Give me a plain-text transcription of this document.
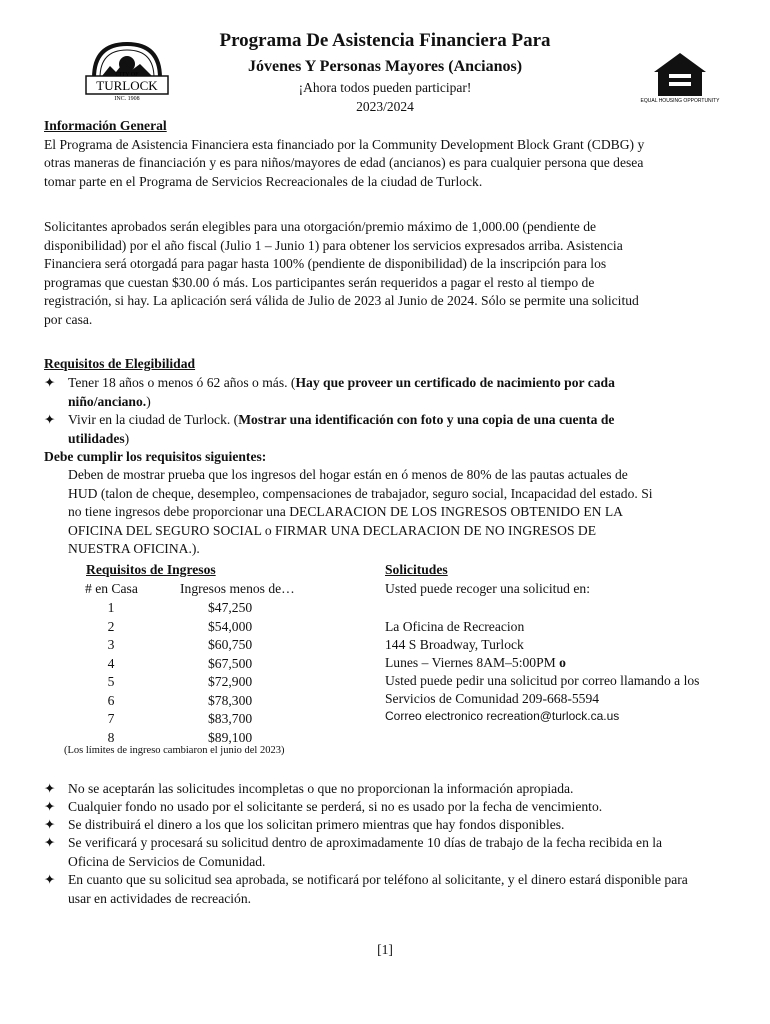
CITY OF
TURLOCK
INC. 1908
Programa De Asistencia Financiera Para
Jóvenes Y Personas Mayores (Ancianos)
¡Ahora todos pueden participar!
2023/2024	EQUAL HOUSING OPPORTUNITY
Información General
El Programa de Asistencia Financiera esta financiado por la Community Development Block Grant (CDBG) y
otras maneras de financiación y es para niños/mayores de edad (ancianos) es para cualquier persona que desea
tomar parte en el Programa de Servicios Recreacionales de la ciudad de Turlock.
Solicitantes aprobados serán elegibles para una otorgación/premio máximo de 1,000.00 (pendiente de
disponibilidad) por el año fiscal (Julio 1 – Junio 1) para obtener los servicios expresados arriba. Asistencia
Financiera será otorgadá para pagar hasta 100% (pendiente de disponibilidad) de la inscripción para los
programas que cuestan $30.00 ó más. Los participantes serán requeridos a pagar el resto al tiempo de
registración, si hay. La aplicación será válida de Julio de 2023 al Junio de 2024. Sólo se permite una solicitud
por casa.
Requisitos de Elegibilidad
✦ Tener 18 años o menos ó 62 años o más. (Hay que proveer un certificado de nacimiento por cada
niño/anciano.)
✦ Vivir en la ciudad de Turlock. (Mostrar una identificación con foto y una copia de una cuenta de
utilidades)
Debe cumplir los requisitos siguientes:
Deben de mostrar prueba que los ingresos del hogar están en ó menos de 80% de las pautas actuales de
HUD (talon de cheque, desempleo, compensaciones de trabajador, seguro social, Incapacidad del estado. Si
no tiene ingresos debe proporcionar una DECLARACION DE LOS INGRESOS OBTENIDO EN LA
OFICINA DEL SEGURO SOCIAL o FIRMAR UNA DECLARACION DE NO INGRESOS DE
NUESTRA OFICINA.).
Requisitos de Ingresos
# en Casa	Ingresos menos de…
1	$47,250
2	$54,000
3	$60,750
4	$67,500
5	$72,900
6	$78,300
7	$83,700
8	$89,100
(Los límites de ingreso cambiaron el junio del 2023)
Solicitudes
Usted puede recoger una solicitud en:
La Oficina de Recreacion
144 S Broadway, Turlock
Lunes – Viernes 8AM–5:00PM o
Usted puede pedir una solicitud por correo llamando a los
Servicios de Comunidad 209-668-5594
Correo electronico recreation@turlock.ca.us
✦ No se aceptarán las solicitudes incompletas o que no proporcionan la información apropiada.
✦ Cualquier fondo no usado por el solicitante se perderá, si no es usado por la fecha de vencimiento.
✦ Se distribuirá el dinero a los que los solicitan primero mientras que hay fondos disponibles.
✦ Se verificará y procesará su solicitud dentro de aproximadamente 10 días de trabajo de la fecha recibida en la
Oficina de Servicios de Comunidad.
✦ En cuanto que su solicitud sea aprobada, se notificará por teléfono al solicitante, y el dinero estará disponible para
usar en actividades de recreación.
[1]
